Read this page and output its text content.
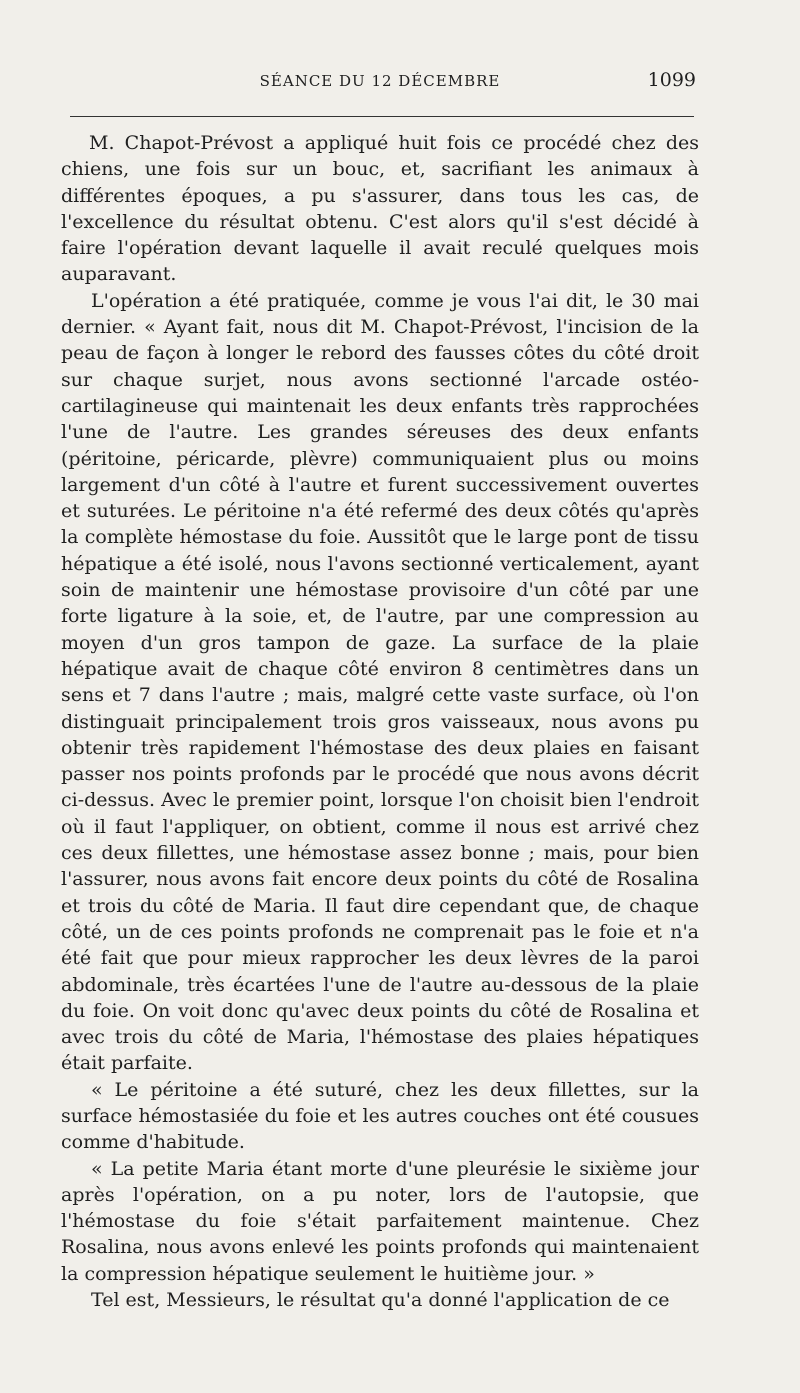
SÉANCE DU 12 DÉCEMBRE	1099

M. Chapot-Prévost a appliqué huit fois ce procédé chez des chiens, une fois sur un bouc, et, sacrifiant les animaux à différentes époques, a pu s'assurer, dans tous les cas, de l'excellence du résultat obtenu. C'est alors qu'il s'est décidé à faire l'opération devant laquelle il avait reculé quelques mois auparavant.

L'opération a été pratiquée, comme je vous l'ai dit, le 30 mai dernier. « Ayant fait, nous dit M. Chapot-Prévost, l'incision de la peau de façon à longer le rebord des fausses côtes du côté droit sur chaque surjet, nous avons sectionné l'arcade ostéo-cartilagineuse qui maintenait les deux enfants très rapprochées l'une de l'autre. Les grandes séreuses des deux enfants (péritoine, péricarde, plèvre) communiquaient plus ou moins largement d'un côté à l'autre et furent successivement ouvertes et suturées. Le péritoine n'a été refermé des deux côtés qu'après la complète hémostase du foie. Aussitôt que le large pont de tissu hépatique a été isolé, nous l'avons sectionné verticalement, ayant soin de maintenir une hémostase provisoire d'un côté par une forte ligature à la soie, et, de l'autre, par une compression au moyen d'un gros tampon de gaze. La surface de la plaie hépatique avait de chaque côté environ 8 centimètres dans un sens et 7 dans l'autre ; mais, malgré cette vaste surface, où l'on distinguait principalement trois gros vaisseaux, nous avons pu obtenir très rapidement l'hémostase des deux plaies en faisant passer nos points profonds par le procédé que nous avons décrit ci-dessus. Avec le premier point, lorsque l'on choisit bien l'endroit où il faut l'appliquer, on obtient, comme il nous est arrivé chez ces deux fillettes, une hémostase assez bonne ; mais, pour bien l'assurer, nous avons fait encore deux points du côté de Rosalina et trois du côté de Maria. Il faut dire cependant que, de chaque côté, un de ces points profonds ne comprenait pas le foie et n'a été fait que pour mieux rapprocher les deux lèvres de la paroi abdominale, très écartées l'une de l'autre au-dessous de la plaie du foie. On voit donc qu'avec deux points du côté de Rosalina et avec trois du côté de Maria, l'hémostase des plaies hépatiques était parfaite.

« Le péritoine a été suturé, chez les deux fillettes, sur la surface hémostasiée du foie et les autres couches ont été cousues comme d'habitude.

« La petite Maria étant morte d'une pleurésie le sixième jour après l'opération, on a pu noter, lors de l'autopsie, que l'hémostase du foie s'était parfaitement maintenue. Chez Rosalina, nous avons enlevé les points profonds qui maintenaient la compression hépatique seulement le huitième jour. »

Tel est, Messieurs, le résultat qu'a donné l'application de ce
